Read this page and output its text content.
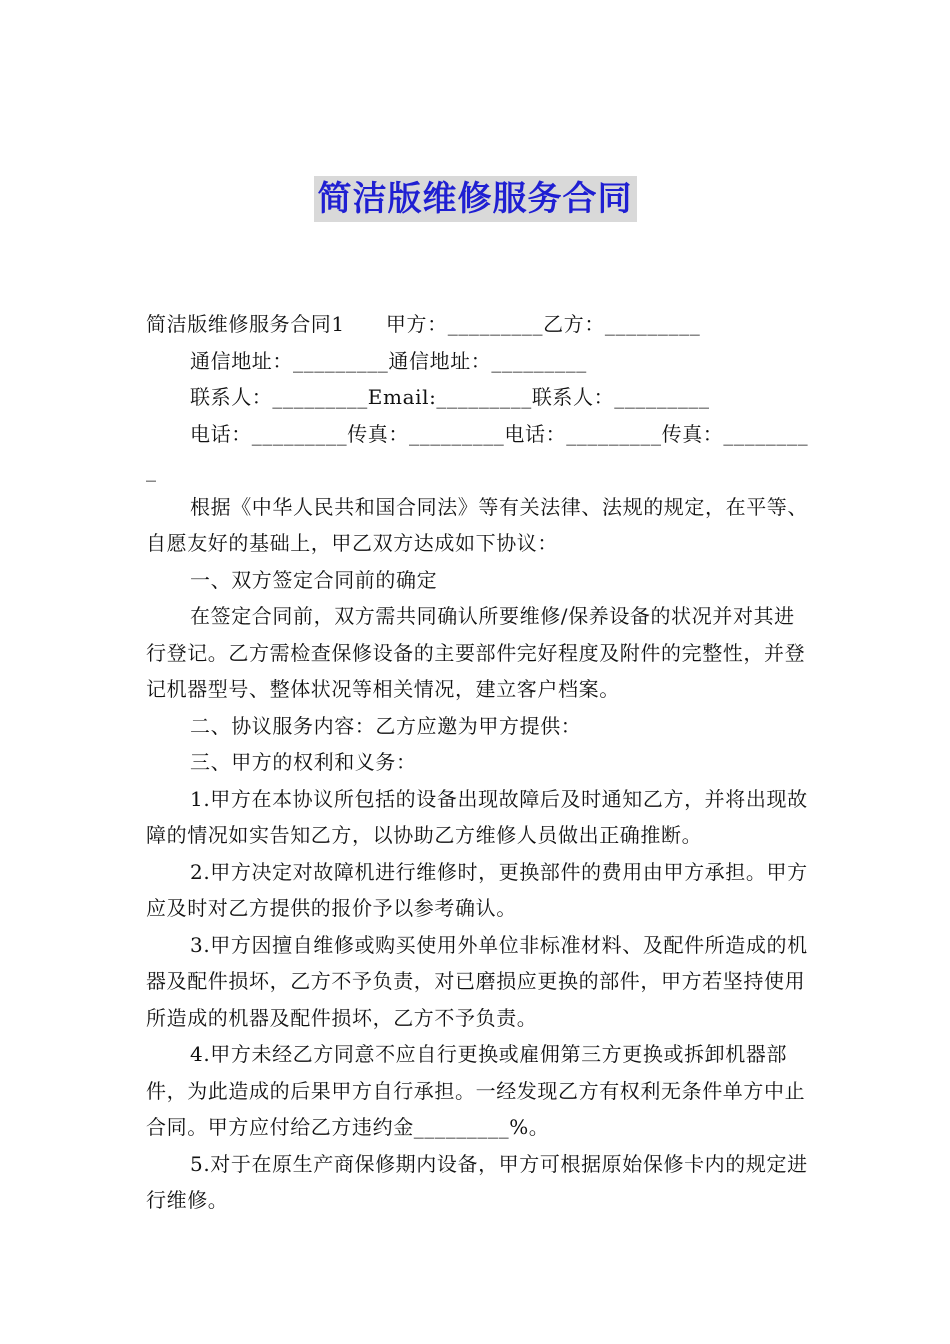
简洁版维修服务合同

简洁版维修服务合同1　　甲方：_________乙方：_________

通信地址：_________通信地址：_________

联系人：_________Email:_________联系人：_________

电话：_________传真：_________电话：_________传真：_________

根据《中华人民共和国合同法》等有关法律、法规的规定，在平等、自愿友好的基础上，甲乙双方达成如下协议：

一、双方签定合同前的确定

在签定合同前，双方需共同确认所要维修/保养设备的状况并对其进行登记。乙方需检查保修设备的主要部件完好程度及附件的完整性，并登记机器型号、整体状况等相关情况，建立客户档案。

二、协议服务内容：乙方应邀为甲方提供：

三、甲方的权利和义务：

1.甲方在本协议所包括的设备出现故障后及时通知乙方，并将出现故障的情况如实告知乙方，以协助乙方维修人员做出正确推断。

2.甲方决定对故障机进行维修时，更换部件的费用由甲方承担。甲方应及时对乙方提供的报价予以参考确认。

3.甲方因擅自维修或购买使用外单位非标准材料、及配件所造成的机器及配件损坏，乙方不予负责，对已磨损应更换的部件，甲方若坚持使用所造成的机器及配件损坏，乙方不予负责。

4.甲方未经乙方同意不应自行更换或雇佣第三方更换或拆卸机器部件，为此造成的后果甲方自行承担。一经发现乙方有权利无条件单方中止合同。甲方应付给乙方违约金_________%。

5.对于在原生产商保修期内设备，甲方可根据原始保修卡内的规定进行维修。
